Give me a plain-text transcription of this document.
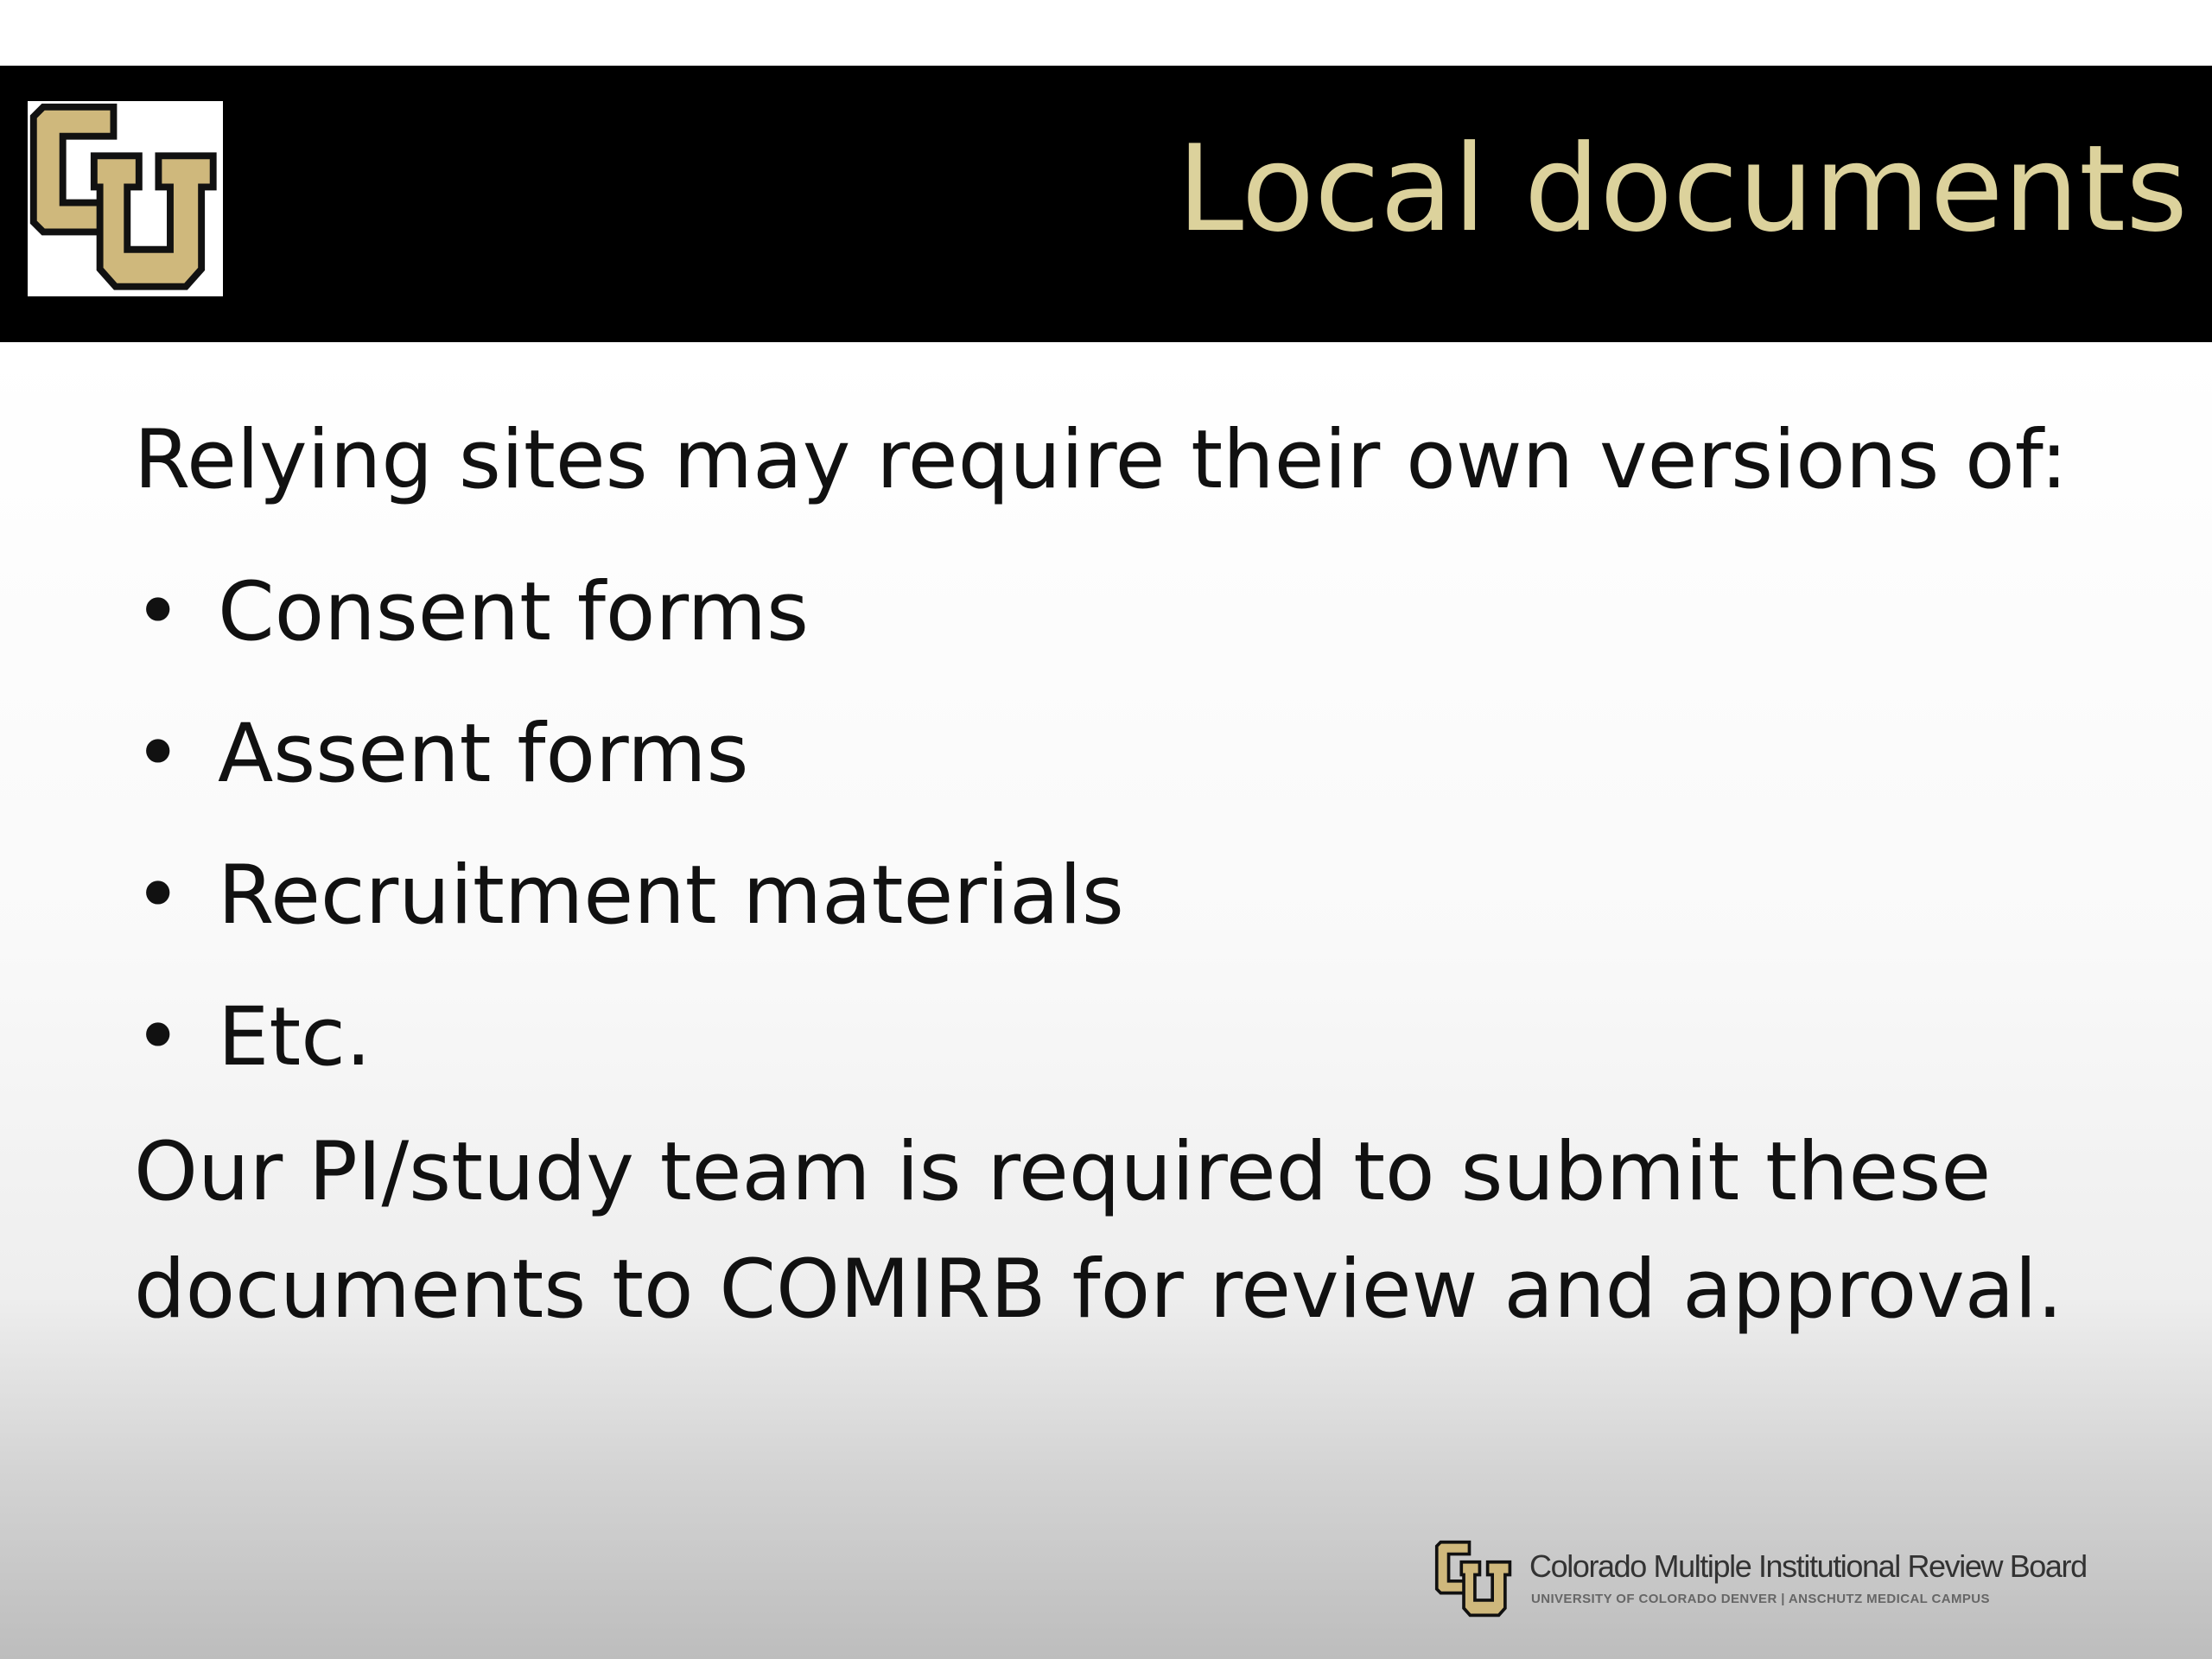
Local documents

Relying sites may require their own versions of:

• Consent forms
• Assent forms
• Recruitment materials
• Etc.

Our PI/study team is required to submit these

documents to COMIRB for review and approval.

Colorado Multiple Institutional Review Board
UNIVERSITY OF COLORADO DENVER | ANSCHUTZ MEDICAL CAMPUS
